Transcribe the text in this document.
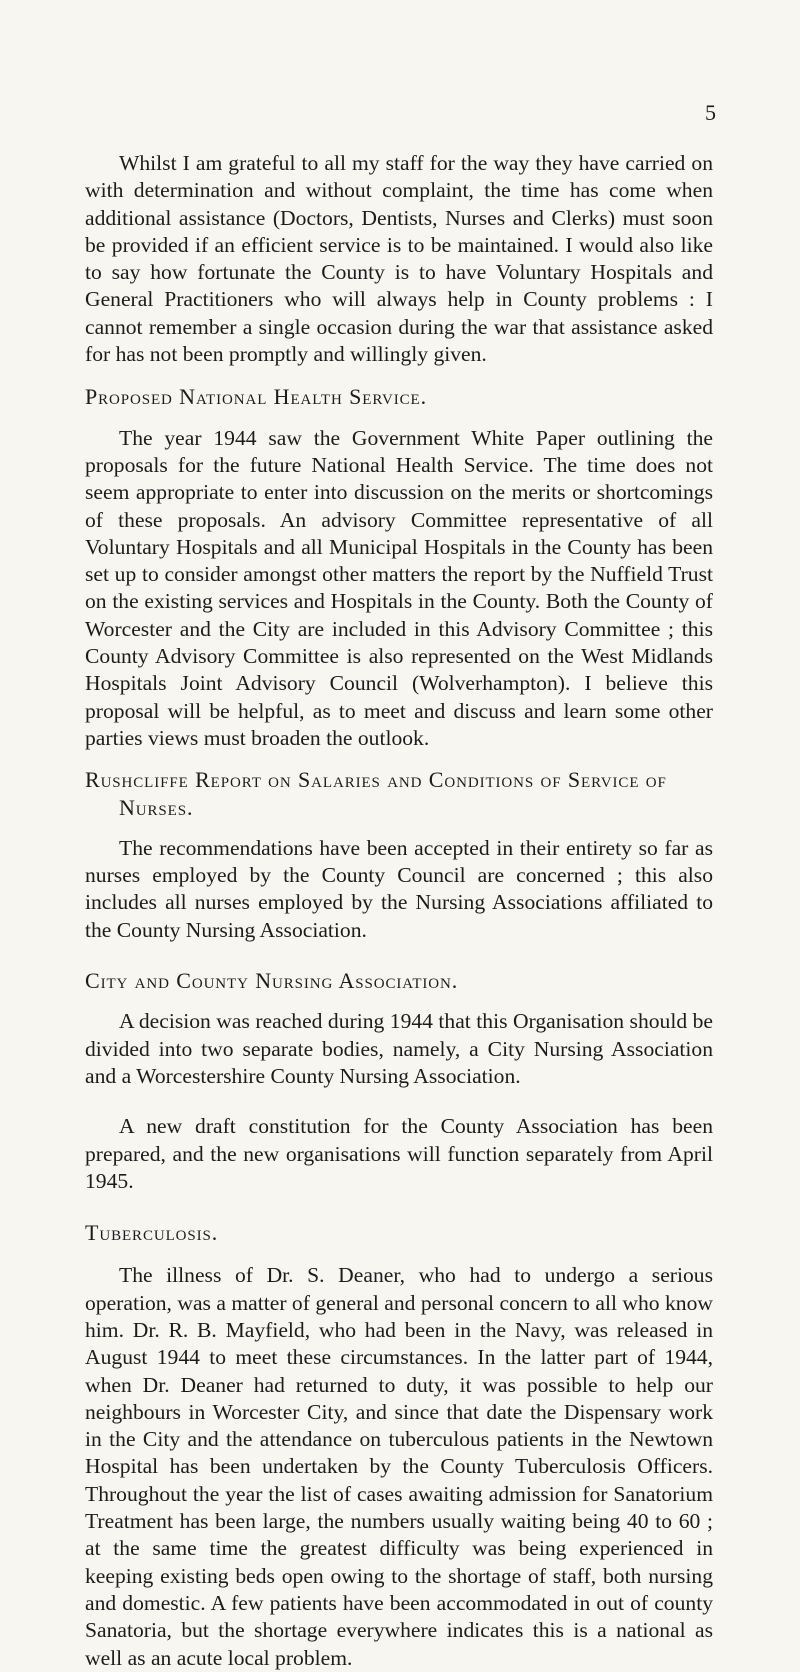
5

Whilst I am grateful to all my staff for the way they have carried on with determination and without complaint, the time has come when additional assistance (Doctors, Dentists, Nurses and Clerks) must soon be provided if an efficient service is to be maintained. I would also like to say how fortunate the County is to have Voluntary Hospitals and General Practitioners who will always help in County problems : I cannot remember a single occasion during the war that assistance asked for has not been promptly and willingly given.

Proposed National Health Service.

The year 1944 saw the Government White Paper outlining the proposals for the future National Health Service. The time does not seem appropriate to enter into discussion on the merits or shortcomings of these proposals. An advisory Committee representative of all Voluntary Hospitals and all Municipal Hospitals in the County has been set up to consider amongst other matters the report by the Nuffield Trust on the existing services and Hospitals in the County. Both the County of Worcester and the City are included in this Advisory Committee ; this County Advisory Committee is also represented on the West Midlands Hospitals Joint Advisory Council (Wolverhampton). I believe this proposal will be helpful, as to meet and discuss and learn some other parties views must broaden the outlook.

Rushcliffe Report on Salaries and Conditions of Service of Nurses.

The recommendations have been accepted in their entirety so far as nurses employed by the County Council are concerned ; this also includes all nurses employed by the Nursing Associations affiliated to the County Nursing Association.

City and County Nursing Association.

A decision was reached during 1944 that this Organisation should be divided into two separate bodies, namely, a City Nursing Association and a Worcestershire County Nursing Association.

A new draft constitution for the County Association has been prepared, and the new organisations will function separately from April 1945.

Tuberculosis.

The illness of Dr. S. Deaner, who had to undergo a serious operation, was a matter of general and personal concern to all who know him. Dr. R. B. Mayfield, who had been in the Navy, was released in August 1944 to meet these circumstances. In the latter part of 1944, when Dr. Deaner had returned to duty, it was possible to help our neighbours in Worcester City, and since that date the Dispensary work in the City and the attendance on tuberculous patients in the Newtown Hospital has been undertaken by the County Tuberculosis Officers. Throughout the year the list of cases awaiting admission for Sanatorium Treatment has been large, the numbers usually waiting being 40 to 60 ; at the same time the greatest difficulty was being experienced in keeping existing beds open owing to the shortage of staff, both nursing and domestic. A few patients have been accommodated in out of county Sanatoria, but the shortage everywhere indicates this is a national as well as an acute local problem.
